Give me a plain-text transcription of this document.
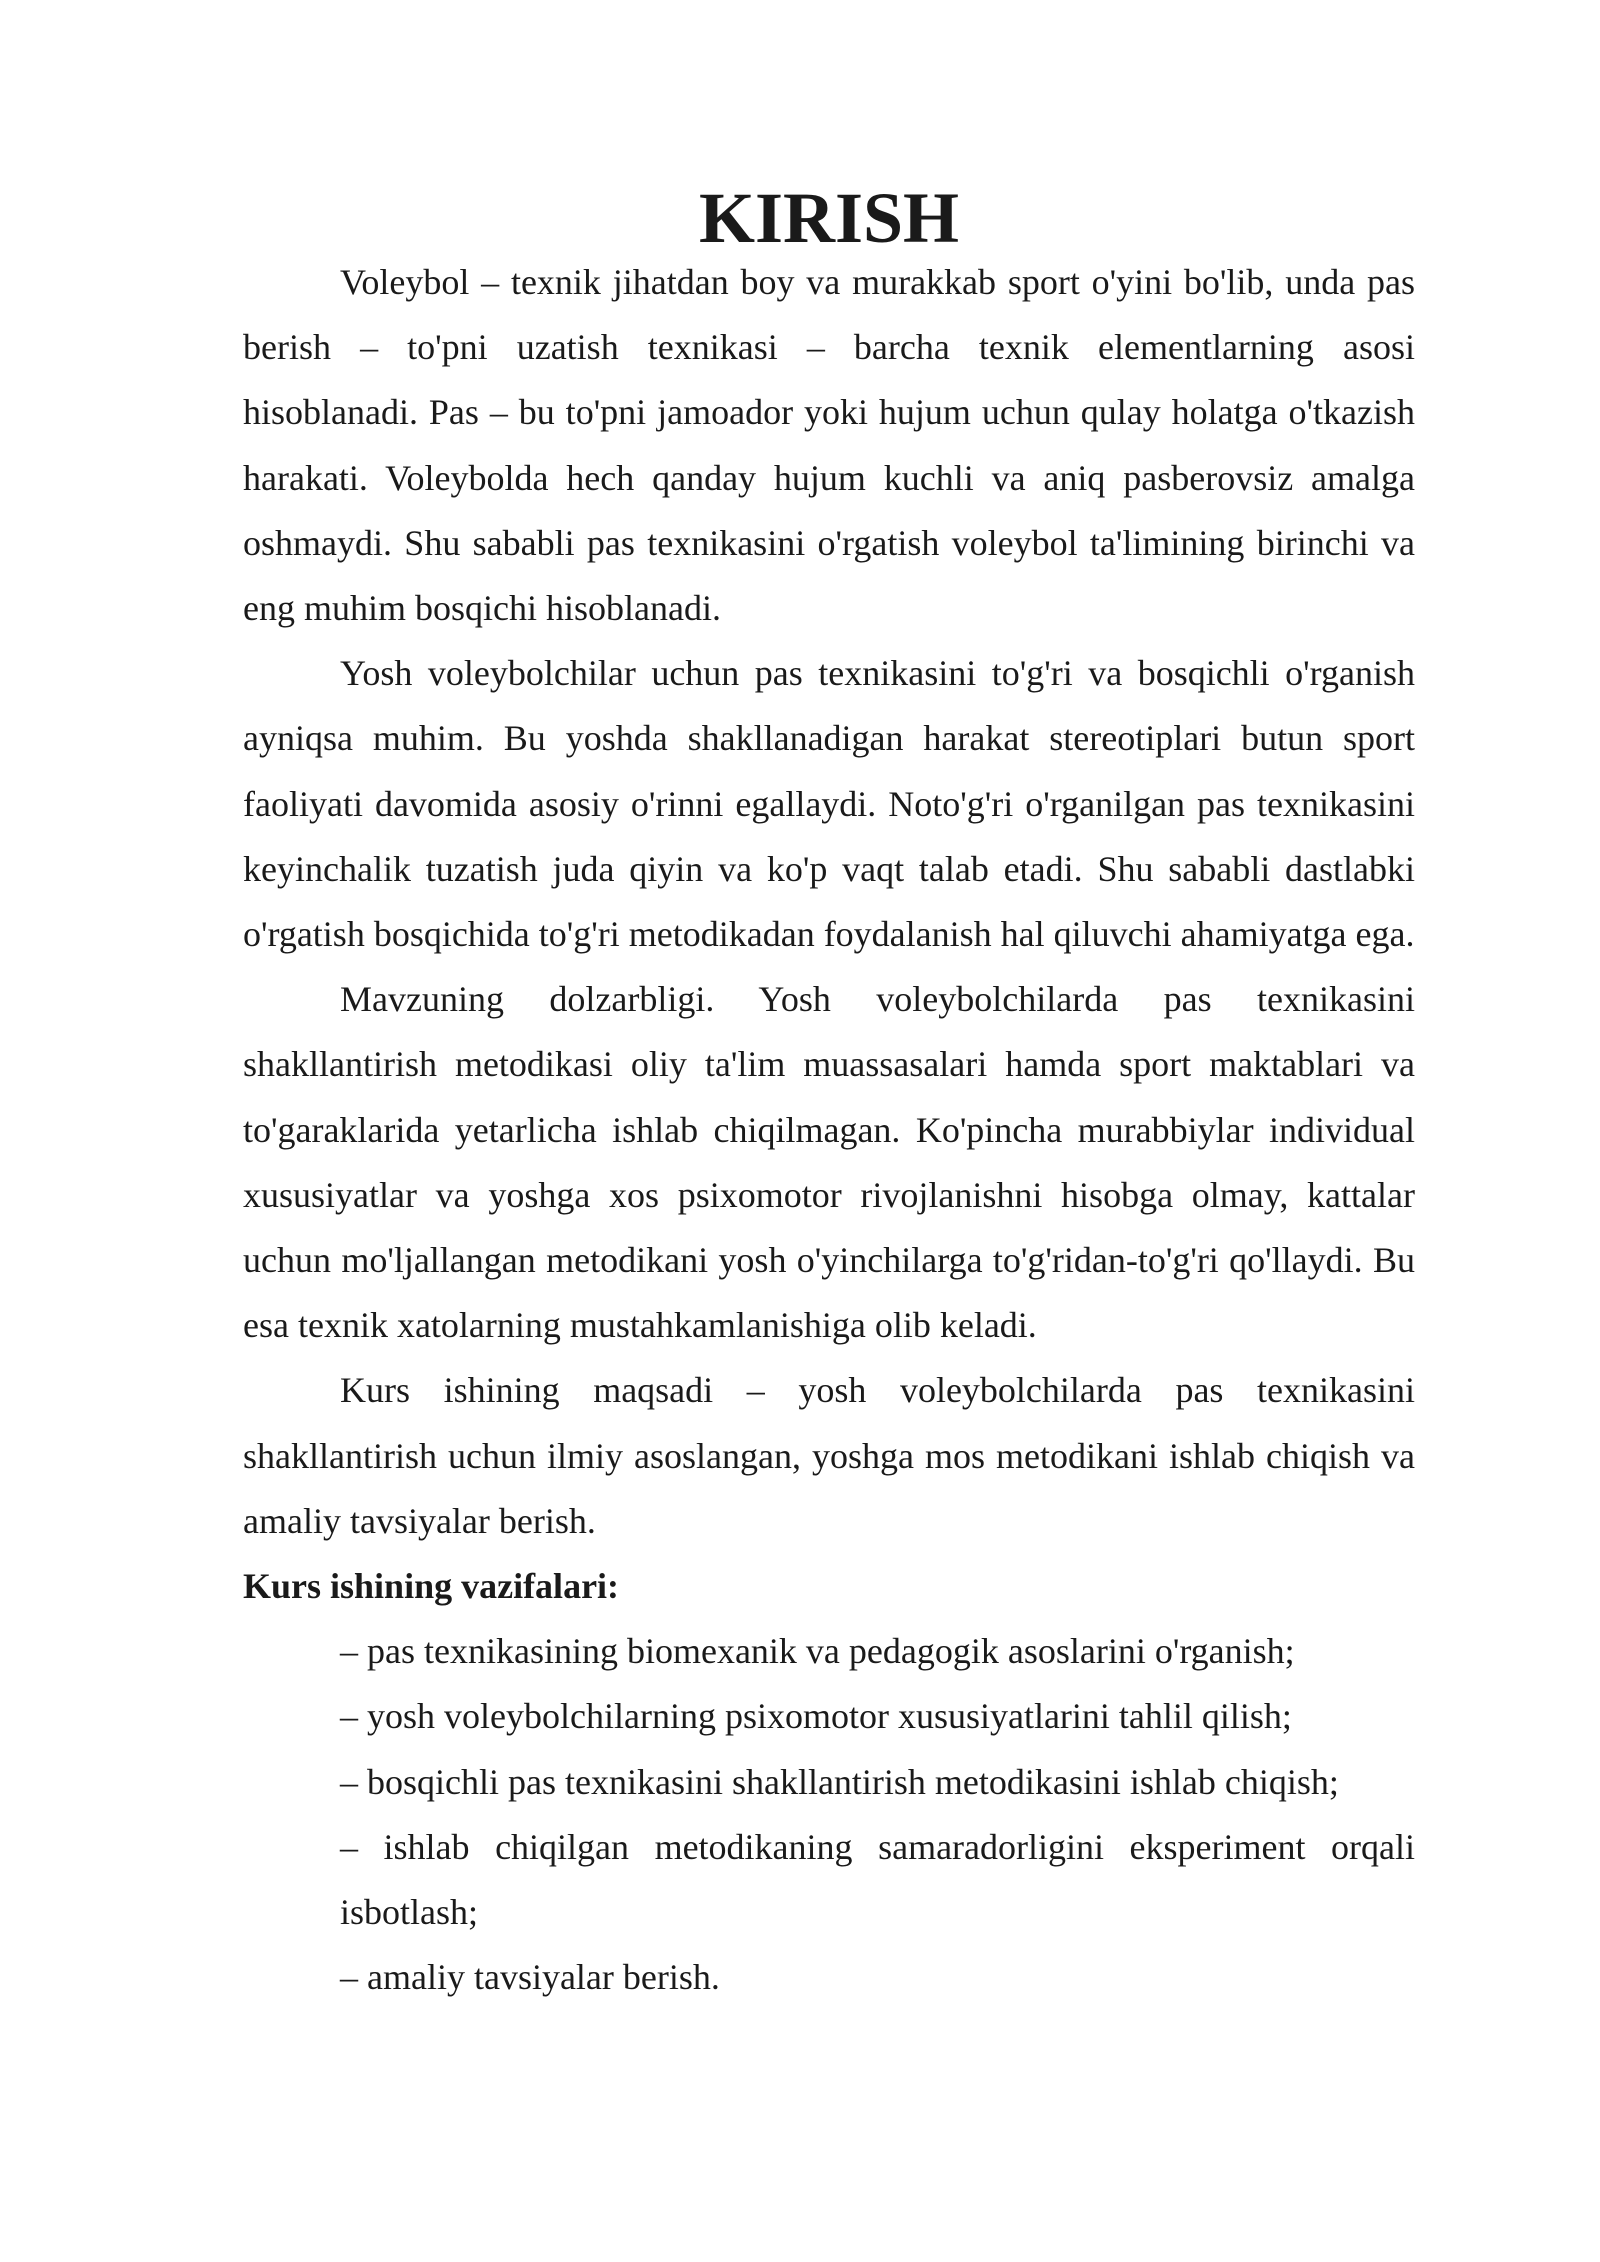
KIRISH

Voleybol – texnik jihatdan boy va murakkab sport o'yini bo'lib, unda pas berish – to'pni uzatish texnikasi – barcha texnik elementlarning asosi hisoblanadi. Pas – bu to'pni jamoador yoki hujum uchun qulay holatga o'tkazish harakati. Voleybolda hech qanday hujum kuchli va aniq pasberovsiz amalga oshmaydi. Shu sababli pas texnikasini o'rgatish voleybol ta'limining birinchi va eng muhim bosqichi hisoblanadi.

Yosh voleybolchilar uchun pas texnikasini to'g'ri va bosqichli o'rganish ayniqsa muhim. Bu yoshda shakllanadigan harakat stereotiplari butun sport faoliyati davomida asosiy o'rinni egallaydi. Noto'g'ri o'rganilgan pas texnikasini keyinchalik tuzatish juda qiyin va ko'p vaqt talab etadi. Shu sababli dastlabki o'rgatish bosqichida to'g'ri metodikadan foydalanish hal qiluvchi ahamiyatga ega.

Mavzuning dolzarbligi. Yosh voleybolchilarda pas texnikasini shakllantirish metodikasi oliy ta'lim muassasalari hamda sport maktablari va to'garaklarida yetarlicha ishlab chiqilmagan. Ko'pincha murabbiylar individual xususiyatlar va yoshga xos psixomotor rivojlanishni hisobga olmay, kattalar uchun mo'ljallangan metodikani yosh o'yinchilarga to'g'ridan-to'g'ri qo'llaydi. Bu esa texnik xatolarning mustahkamlanishiga olib keladi.

Kurs ishining maqsadi – yosh voleybolchilarda pas texnikasini shakllantirish uchun ilmiy asoslangan, yoshga mos metodikani ishlab chiqish va amaliy tavsiyalar berish.

Kurs ishining vazifalari:

– pas texnikasining biomexanik va pedagogik asoslarini o'rganish;
– yosh voleybolchilarning psixomotor xususiyatlarini tahlil qilish;
– bosqichli pas texnikasini shakllantirish metodikasini ishlab chiqish;
– ishlab chiqilgan metodikaning samaradorligini eksperiment orqali isbotlash;
– amaliy tavsiyalar berish.
